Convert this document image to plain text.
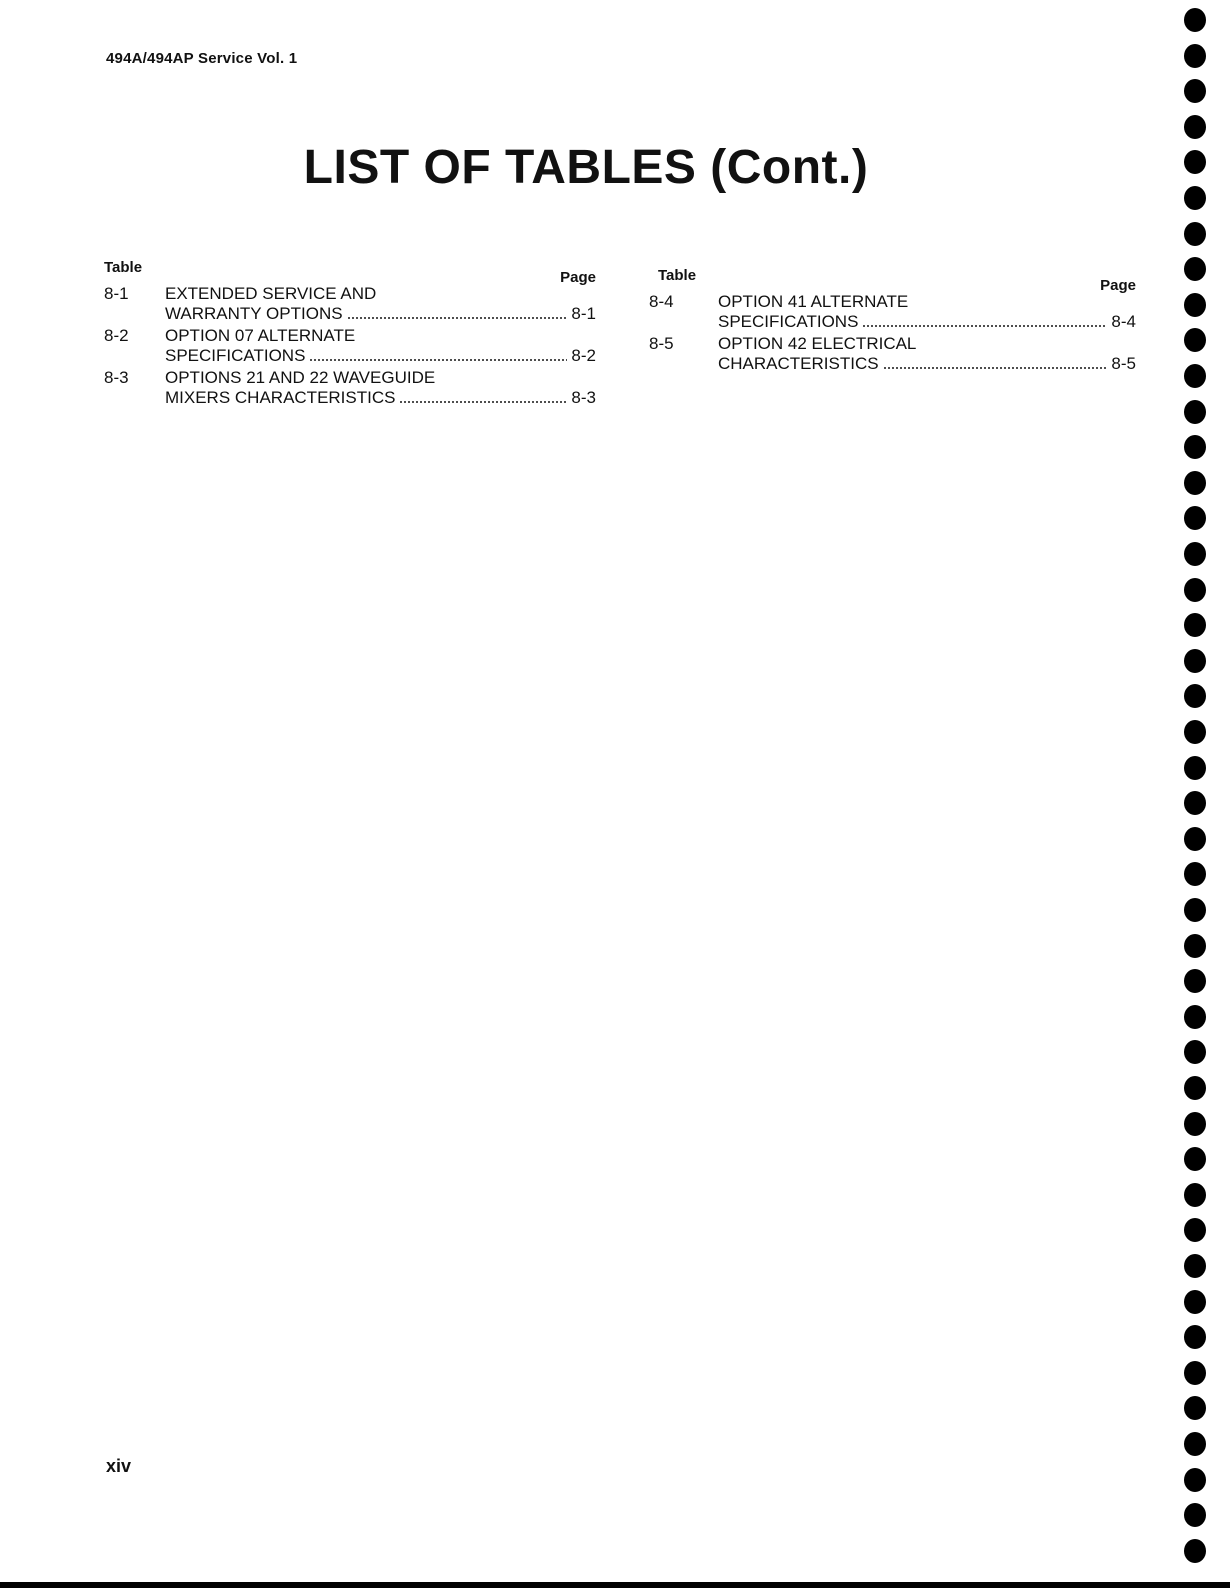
494A/494AP Service Vol. 1
LIST OF TABLES (Cont.)
Table
Page
8-1 EXTENDED SERVICE AND
WARRANTY OPTIONS	8-1
8-2 OPTION 07 ALTERNATE
SPECIFICATIONS	8-2
8-3 OPTIONS 21 AND 22 WAVEGUIDE
MIXERS CHARACTERISTICS	8-3
Table
Page
8-4	OPTION 41 ALTERNATE
SPECIFICATIONS	8-4
8-5	OPTION 42 ELECTRICAL
CHARACTERISTICS	8-5
xiv
